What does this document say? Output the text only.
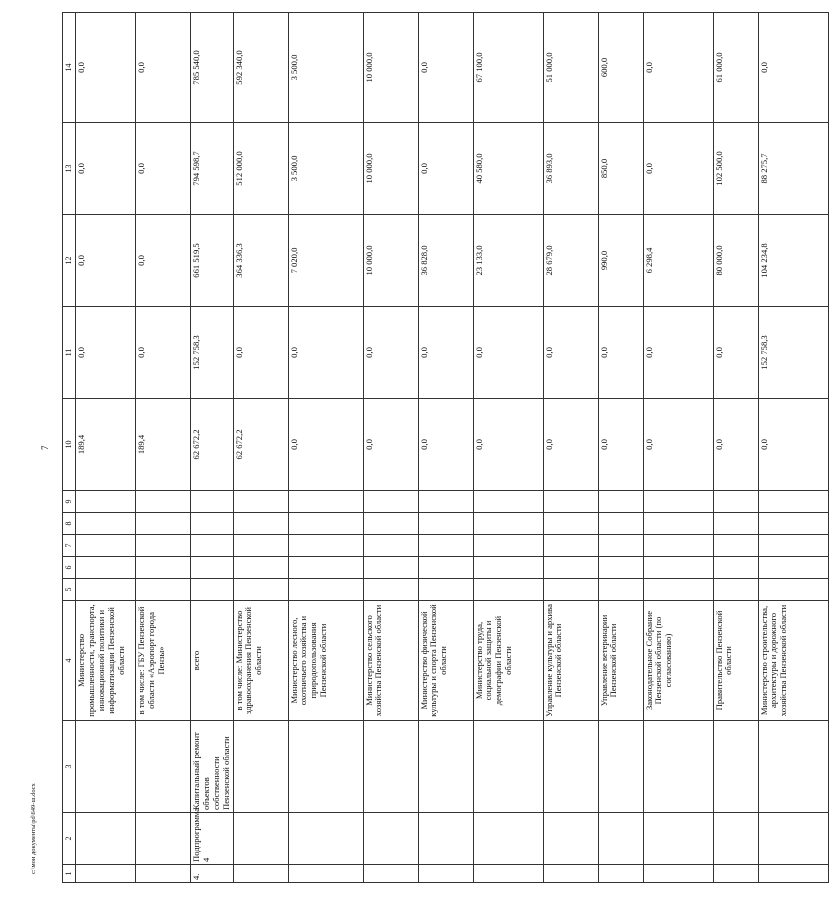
7
1	2	3	4	5	6	7	8	9	10	11	12	13	14
			Министерство промышленности, транспорта, инновационной политики и информатизации Пензенской области						189,4	0,0	0,0	0,0	0,0
			в том числе: ГБУ Пензенской области «Аэропорт города Пензы»						189,4	0,0	0,0	0,0	0,0
4.	Подпрограмма 4	Капитальный ремонт объектов собственности Пензенской области	всего						62 672,2	152 758,3	661 519,5	794 598,7	785 540,0
			в том числе: Министерство здравоохранения Пензенской области						62 672,2	0,0	364 336,3	512 000,0	592 340,0
			Министерство лесного, охотничьего хозяйства и природопользования Пензенской области						0,0	0,0	7 020,0	3 500,0	3 500,0
			Министерство сельского хозяйства Пензенской области						0,0	0,0	10 000,0	10 000,0	10 000,0
			Министерство физической культуры и спорта Пензенской области						0,0	0,0	36 828,0	0,0	0,0
			Министерство труда, социальной защиты и демографии Пензенской области						0,0	0,0	23 133,0	40 580,0	67 100,0
			Управление культуры и архива Пензенской области						0,0	0,0	28 679,0	36 893,0	51 000,0
			Управление ветеринарии Пензенской области						0,0	0,0	990,0	850,0	600,0
			Законодательное Собрание Пензенской области (по согласованию)						0,0	0,0	6 298,4	0,0	0,0
			Правительство Пензенской области						0,0	0,0	80 000,0	102 500,0	61 000,0
			Министерство строительства, архитектуры и дорожного хозяйства Пензенской области						0,0	152 758,3	104 234,8	88 275,7	0,0
c:\мои документы\рd\649-ш.docx
